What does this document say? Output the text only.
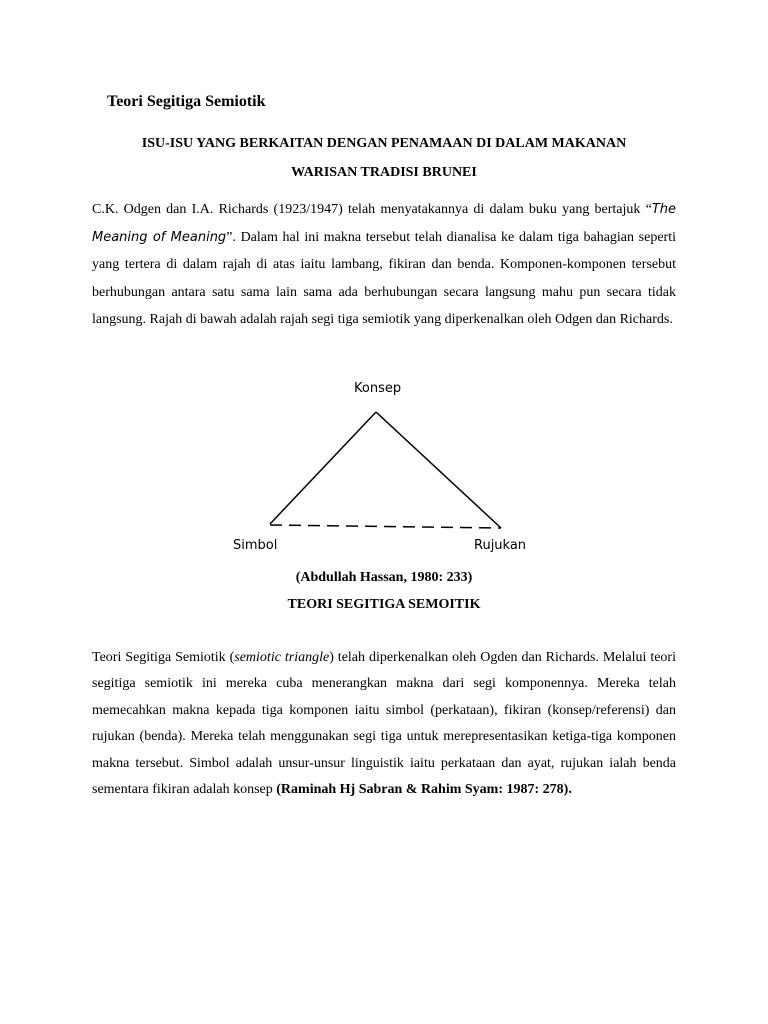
Teori Segitiga Semiotik
ISU-ISU YANG BERKAITAN DENGAN PENAMAAN DI DALAM MAKANAN
WARISAN TRADISI BRUNEI

C.K. Odgen dan I.A. Richards (1923/1947) telah menyatakannya di dalam buku yang bertajuk “The Meaning of Meaning”. Dalam hal ini makna tersebut telah dianalisa ke dalam tiga bahagian seperti yang tertera di dalam rajah di atas iaitu lambang, fikiran dan benda. Komponen-komponen tersebut berhubungan antara satu sama lain sama ada berhubungan secara langsung mahu pun secara tidak langsung. Rajah di bawah adalah rajah segi tiga semiotik yang diperkenalkan oleh Odgen dan Richards.

Konsep
Simbol	Rujukan

(Abdullah Hassan, 1980: 233)

TEORI SEGITIGA SEMOITIK

Teori Segitiga Semiotik (semiotic triangle) telah diperkenalkan oleh Ogden dan Richards. Melalui teori segitiga semiotik ini mereka cuba menerangkan makna dari segi komponennya. Mereka telah memecahkan makna kepada tiga komponen iaitu simbol (perkataan), fikiran (konsep/referensi) dan rujukan (benda). Mereka telah menggunakan segi tiga untuk merepresentasikan ketiga-tiga komponen makna tersebut. Simbol adalah unsur-unsur linguistik iaitu perkataan dan ayat, rujukan ialah benda sementara fikiran adalah konsep (Raminah Hj Sabran & Rahim Syam: 1987: 278).
